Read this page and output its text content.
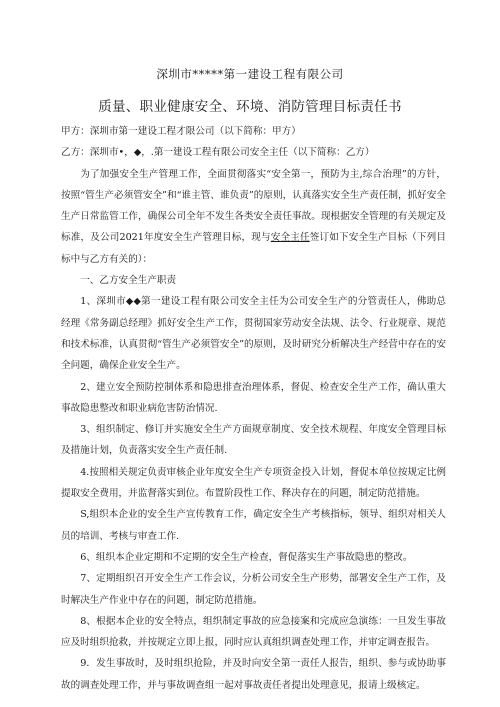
深圳市*****第一建设工程有限公司
质量、职业健康安全、环境、消防管理目标责任书

甲方：深圳市第一建设工程才限公司（以下简称：甲方）

乙方：深圳市•，◆，.第一建设工程有限公司安全主任（以下简称：乙方）

为了加强安全生产管理工作，全面贯彻落实“安全第一，预防为主,综合治理”的方针，按照“管生产必须管安全”和“谁主管、谁负责”的原则，认真落实安全生产责任制，抓好安全生产日常监管工作，确保公司全年不发生各类安全责任事故。现根据安全管理的有关规定及标准，及公司2021年度安全生产管理目标，现与安全主任签订如下安全生产目标（下列目标中与乙方有关的）：

一、乙方安全生产职责

1、深圳市◆◆第一建设工程有限公司安全主任为公司安全生产的分管责任人，佛助总经理《常务副总经理》抓好安全生产工作，贯彻国家劳动安全法规、法令、行业规章、规范和技术标准，认真贯彻“管生产必须管安全”的原则，及时研究分析解决生产经营中存在的安全问题，确保企业安全生产。

2、建立安全预防控制体系和隐患排查治理体系，督促、检查安全生产工作，确认重大事故隐患整改和职业病危害防治情况.

3、组织制定、修订并实施安全生产方面规章制度、安全技术规程、年度安全管理目标及措施计划，负责落实安全生产责任制.

4.按照相关规定负责审核企业年度安全生产专项资金投入计划，督促本单位按规定比例提取安全费用，并监督落实到位。布置阶段性工作、释决存在的问题，制定防范措施。

S,组织本企业的安全生产宣传教育工作，确定安全生产考核指标，领导、组织对相关人员的培训、考核与审查工作.

6、组织本企业定期和不定期的安全生产检查，督促落实生产事故隐患的整改。

7、定期组织召开安全生产工作会议，分析公司安全生产形势，部署安全生产工作，及时解决生产作业中存在的问题，制定防范措施。

8、根据本企业的安全特点，组织制定事故的应急接案和完成应急演练：一旦发生事故应及时组织抢救，并按规定立即上报，同时应认真组织调查处理工作，并审定调查报告。

9．发生事故时，及时组织抢险，并及时向安全第一责任人报告，组织、参与或协助事故的调查处理工作，并与事故调查组一起对事故责任者提出处理意见，报请上级核定。
